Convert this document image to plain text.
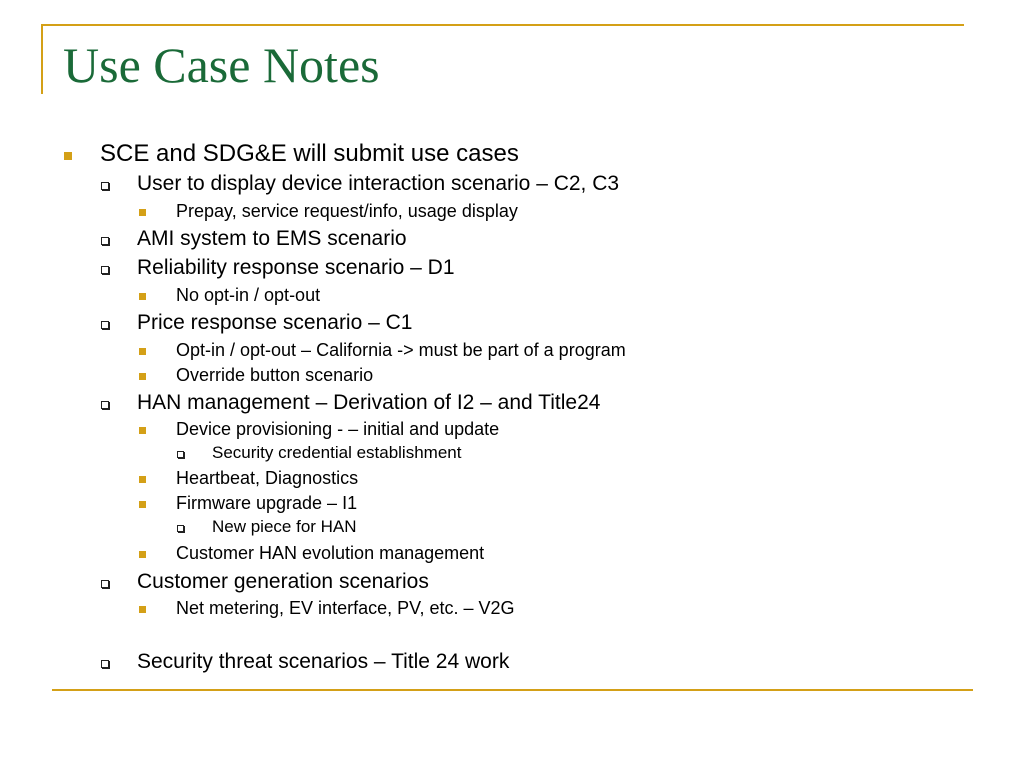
Use Case Notes
SCE and SDG&E will submit use cases
User to display device interaction scenario – C2, C3
Prepay, service request/info, usage display
AMI system to EMS scenario
Reliability response scenario – D1
No opt-in / opt-out
Price response scenario – C1
Opt-in / opt-out – California -> must be part of a program
Override button scenario
HAN management – Derivation of I2 – and Title24
Device provisioning - – initial and update
Security credential establishment
Heartbeat, Diagnostics
Firmware upgrade – I1
New piece for HAN
Customer HAN evolution management
Customer generation scenarios
Net metering, EV interface, PV, etc. – V2G
Security threat scenarios – Title 24 work
